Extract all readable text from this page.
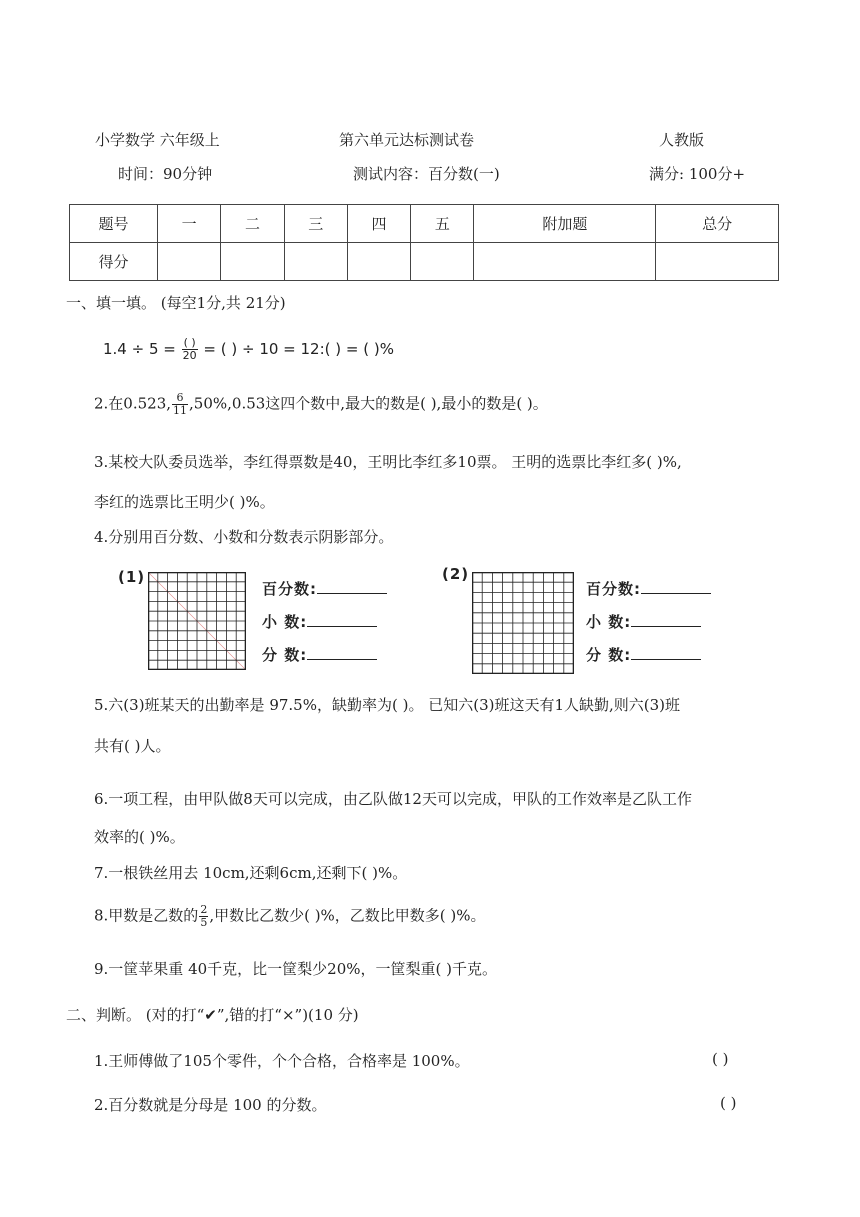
小学数学 六年级上	第六单元达标测试卷	人教版
时间：90分钟	测试内容：百分数(一)	满分: 100分+
题号	一	二	三	四	五	附加题	总分
得分							
一、填一填。 (每空1分,共 21分)
$1.4 \div 5 = \frac{( )}{20}$ = ( ) ÷ 10 = 12:( ) = ( )%
2.在0.523, $\frac{6}{11} ,50\%,0.53$这四个数中,最大的数是( ),最小的数是( )。
3.某校大队委员选举，李红得票数是40，王明比李红多10票。 王明的选票比李红多( )%,
李红的选票比王明少( )%。
4.分别用百分数、小数和分数表示阴影部分。
(1)
百分数:
小 数:
分 数:
(2)
百分数:
小 数:
分 数:
5.六(3)班某天的出勤率是 97.5%，缺勤率为( )。 已知六(3)班这天有1人缺勤,则六(3)班
共有( )人。
6.一项工程，由甲队做8天可以完成，由乙队做12天可以完成，甲队的工作效率是乙队工作
效率的( )%。
7.一根铁丝用去 10cm,还剩6cm,还剩下( )%。
8.甲数是乙数的 $\frac{2}{5}$ ,甲数比乙数少( )%，乙数比甲数多( )%。
9.一筐苹果重 40千克，比一筐梨少20%，一筐梨重( )千克。
二、判断。 (对的打“✔”,错的打“×”)(10 分)
1.王师傅做了105个零件，个个合格，合格率是 100%。	( )
2.百分数就是分母是 100 的分数。	( )
